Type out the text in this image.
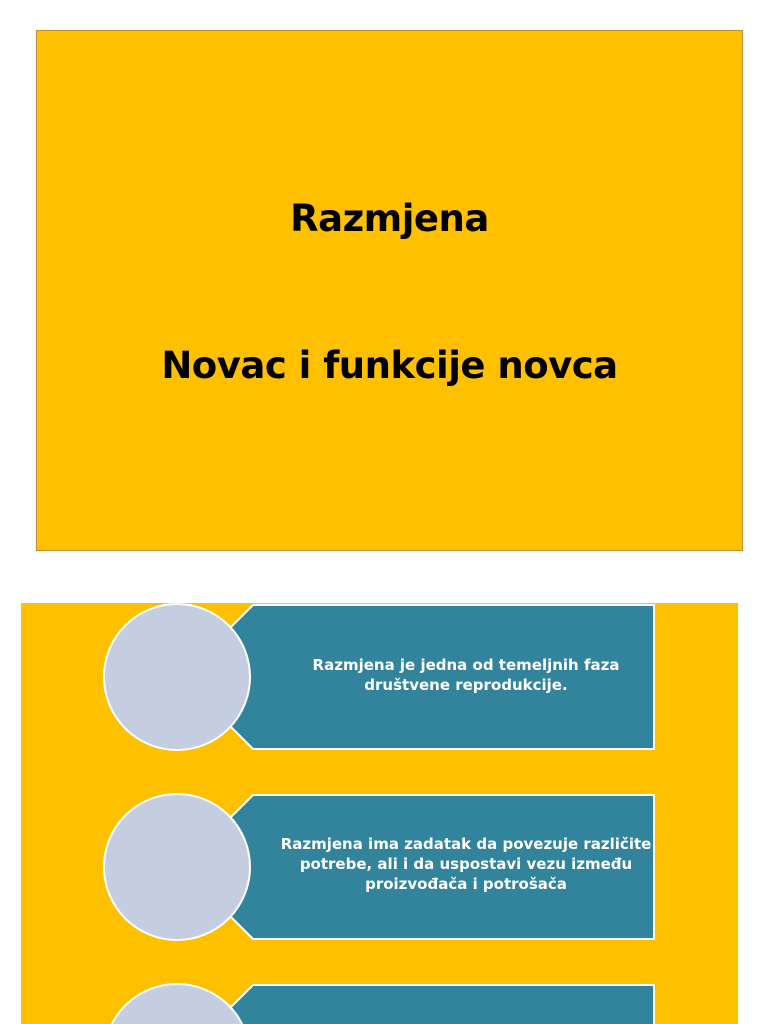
Razmjena
Novac i funkcije novca
Razmjena je jedna od temeljnih faza društvene reprodukcije.
Razmjena ima zadatak da povezuje različite potrebe, ali i da uspostavi vezu između proizvođača i potrošača
